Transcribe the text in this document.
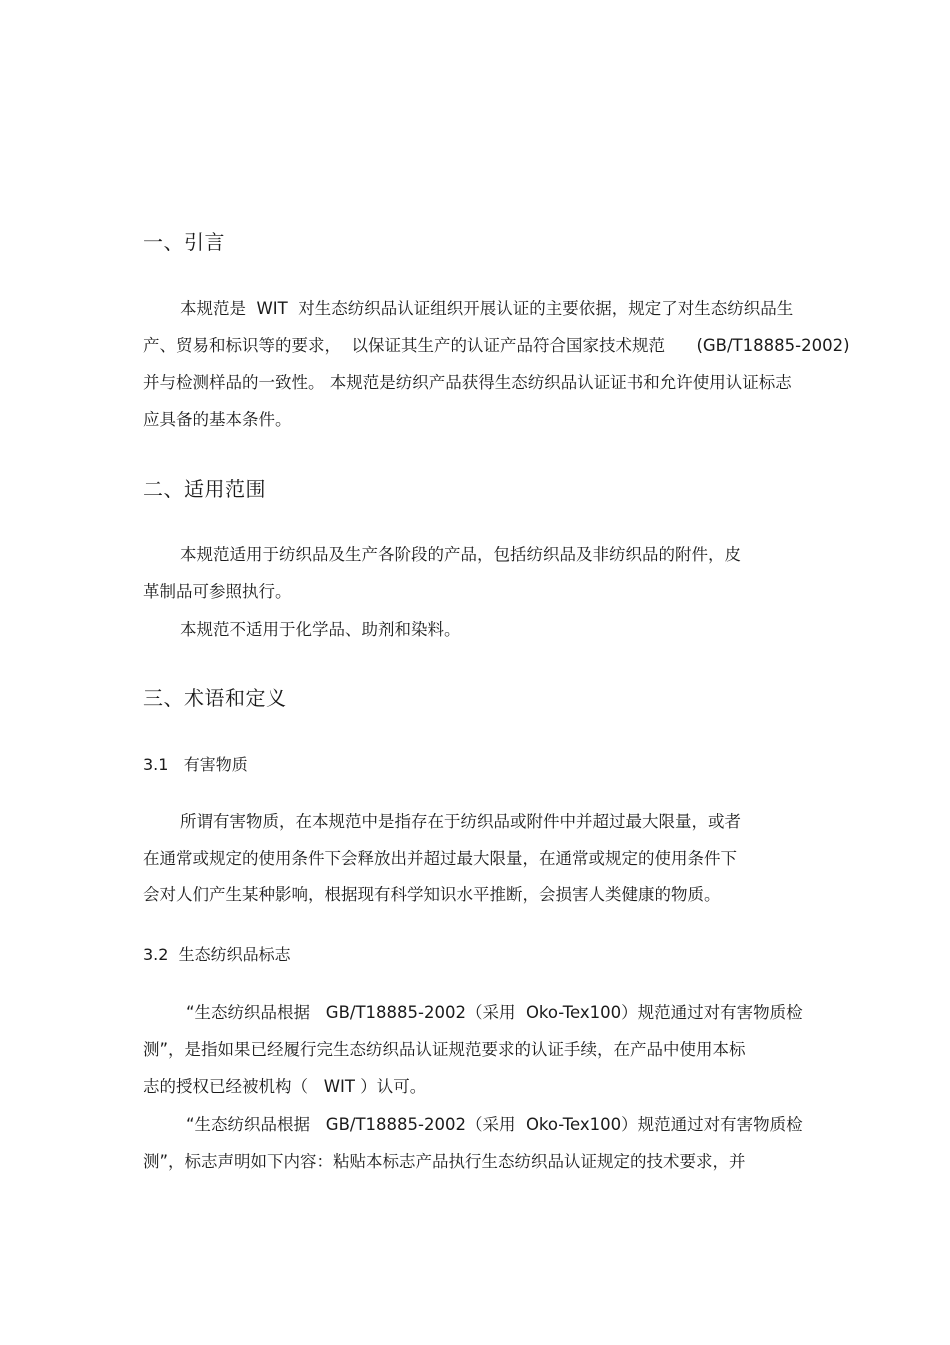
一、引言
本规范是  WIT  对生态纺织品认证组织开展认证的主要依据，规定了对生态纺织品生
产、贸易和标识等的要求，  以保证其生产的认证产品符合国家技术规范      (GB/T18885-2002)
并与检测样品的一致性。 本规范是纺织产品获得生态纺织品认证证书和允许使用认证标志
应具备的基本条件。
二、适用范围
本规范适用于纺织品及生产各阶段的产品，包括纺织品及非纺织品的附件，皮
革制品可参照执行。
本规范不适用于化学品、助剂和染料。
三、术语和定义
3.1   有害物质
所谓有害物质，在本规范中是指存在于纺织品或附件中并超过最大限量，或者
在通常或规定的使用条件下会释放出并超过最大限量，在通常或规定的使用条件下
会对人们产生某种影响，根据现有科学知识水平推断，会损害人类健康的物质。
3.2  生态纺织品标志
“生态纺织品根据   GB/T18885-2002（采用  Oko-Tex100）规范通过对有害物质检
测”，是指如果已经履行完生态纺织品认证规范要求的认证手续，在产品中使用本标
志的授权已经被机构（   WIT ）认可。
“生态纺织品根据   GB/T18885-2002（采用  Oko-Tex100）规范通过对有害物质检
测”，标志声明如下内容：粘贴本标志产品执行生态纺织品认证规定的技术要求，并
